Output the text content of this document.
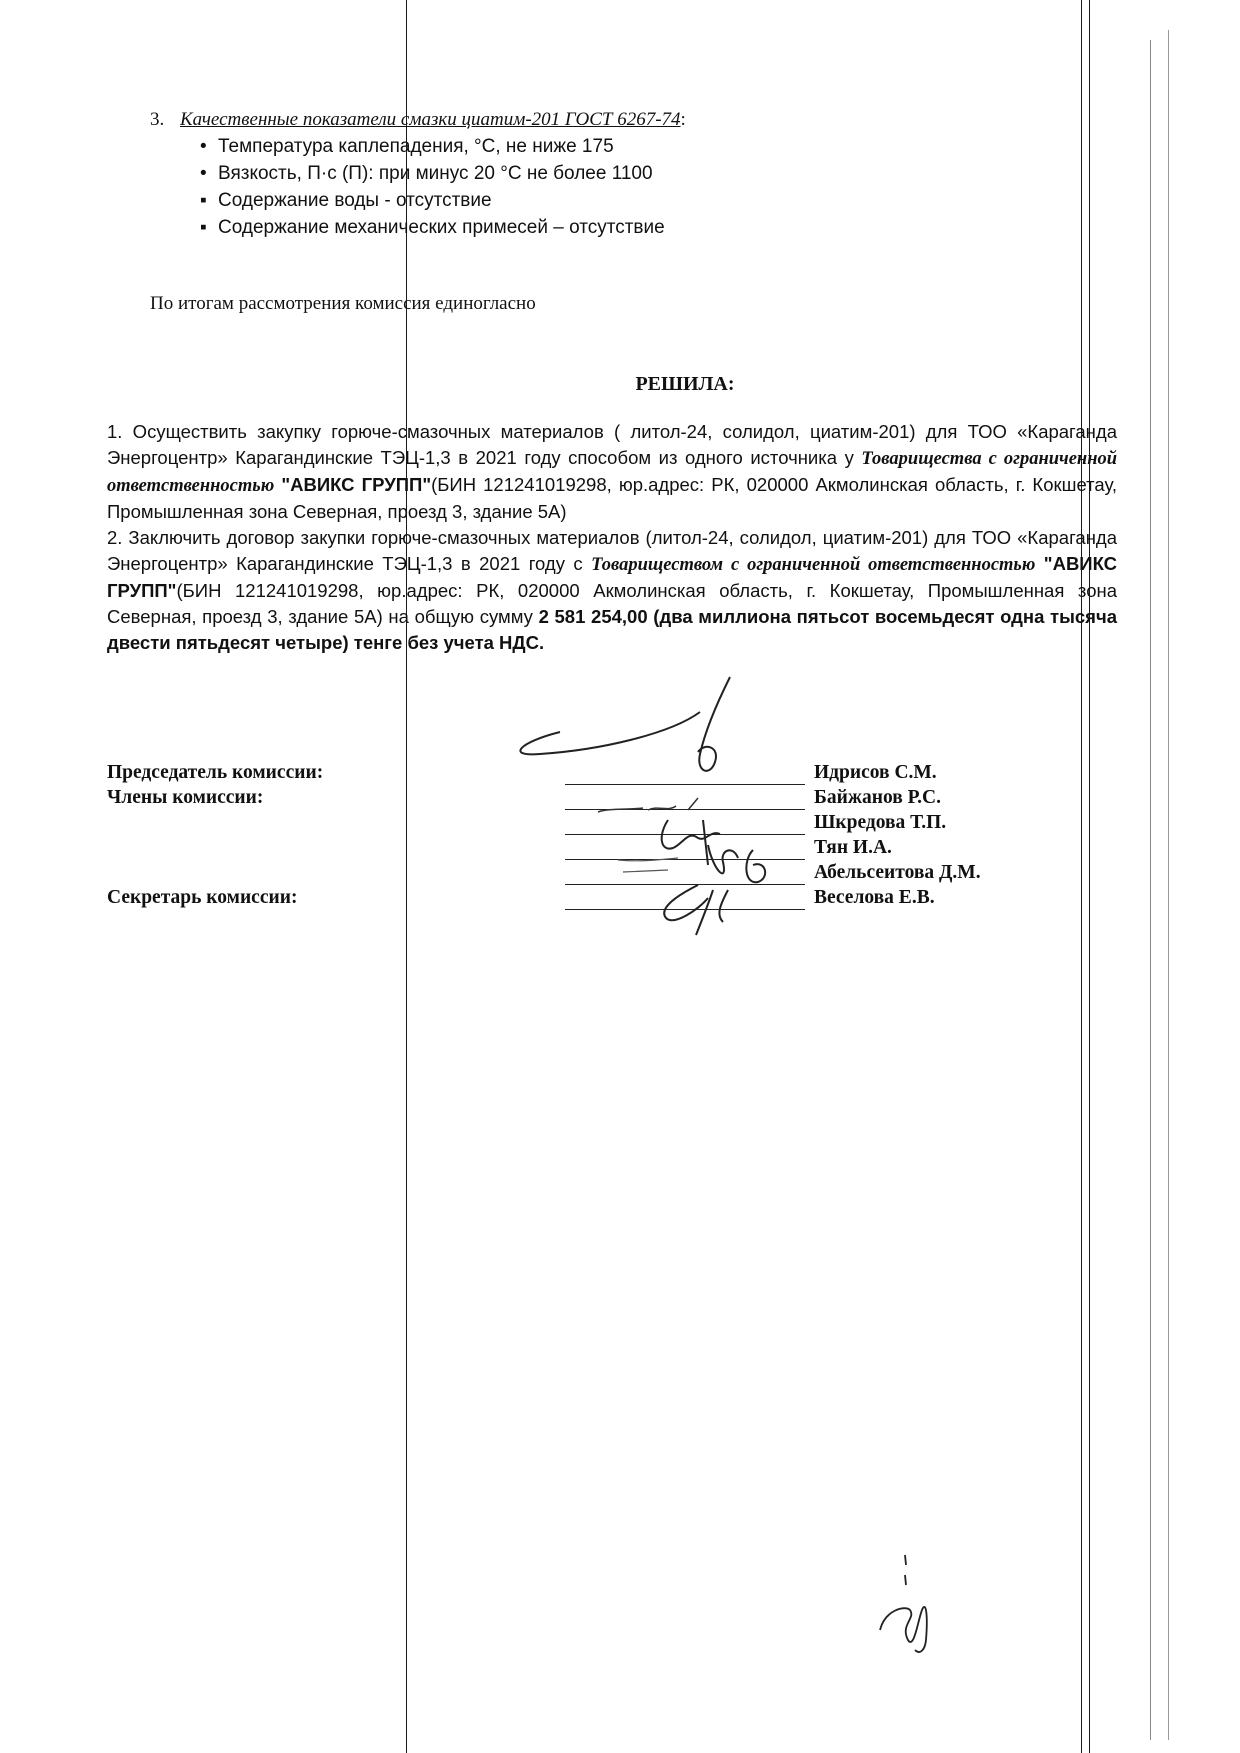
3. Качественные показатели смазки циатим-201 ГОСТ 6267-74:
• Температура каплепадения, °С, не ниже 175
• Вязкость, П·с (П): при минус 20 °С не более 1100
▪ Содержание воды - отсутствие
▪ Содержание механических примесей – отсутствие
По итогам рассмотрения комиссия единогласно
РЕШИЛА:

1. Осуществить закупку горюче-смазочных материалов ( литол-24, солидол, циатим-201) для ТОО «Караганда Энергоцентр» Карагандинские ТЭЦ-1,3 в 2021 году способом из одного источника у Товарищества с ограниченной ответственностью "АВИКС ГРУПП"(БИН 121241019298, юр.адрес: РК, 020000 Акмолинская область, г. Кокшетау, Промышленная зона Северная, проезд 3, здание 5А)

2. Заключить договор закупки горюче-смазочных материалов (литол-24, солидол, циатим-201) для ТОО «Караганда Энергоцентр» Карагандинские ТЭЦ-1,3 в 2021 году с Товариществом с ограниченной ответственностью "АВИКС ГРУПП"(БИН 121241019298, юр.адрес: РК, 020000 Акмолинская область, г. Кокшетау, Промышленная зона Северная, проезд 3, здание 5А) на общую сумму 2 581 254,00 (два миллиона пятьсот восемьдесят одна тысяча двести пятьдесят четыре) тенге без учета НДС.

Председатель комиссии:	Идрисов С.М.
Члены комиссии:	Байжанов Р.С.
Шкредова Т.П.
Тян И.А.
Абельсеитова Д.М.
Секретарь комиссии:	Веселова Е.В.
